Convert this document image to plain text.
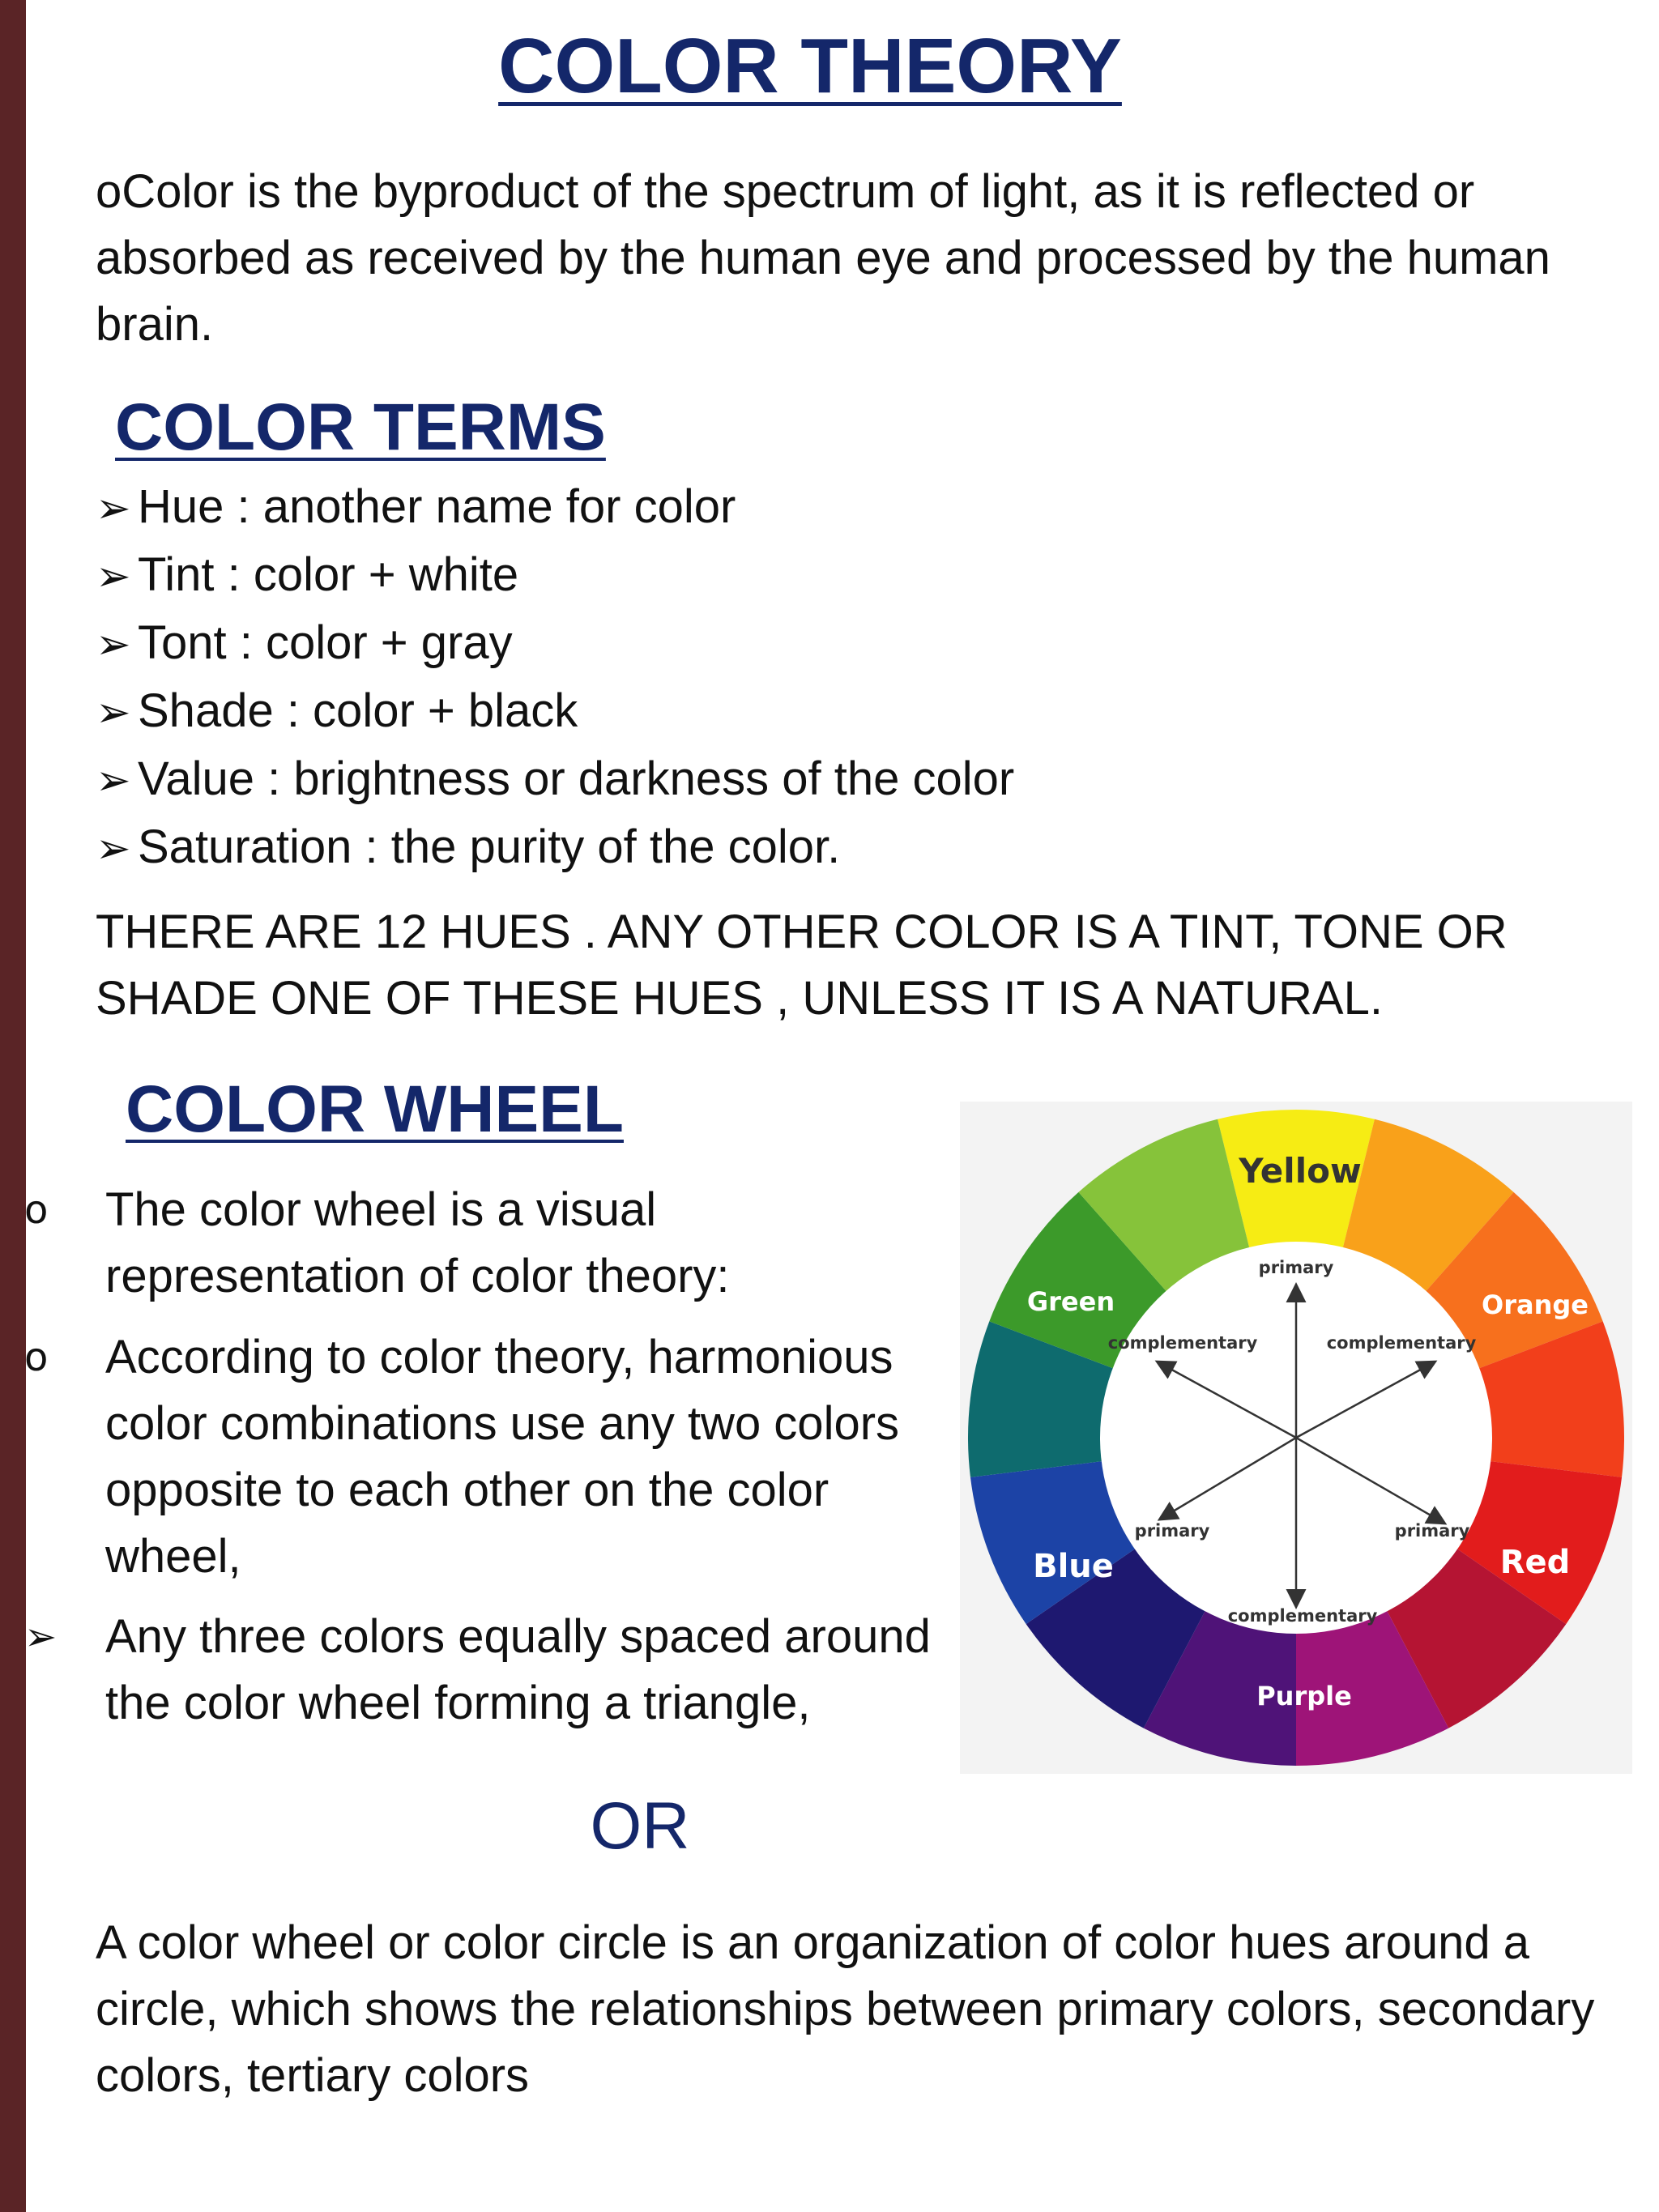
COLOR THEORY

oColor is the byproduct of the spectrum of light, as it is reflected or absorbed as received by the human eye and processed by the human brain.

COLOR TERMS
➢ Hue : another name for color
➢ Tint : color + white
➢ Tont : color + gray
➢ Shade : color + black
➢ Value : brightness or darkness of the color
➢ Saturation : the purity of the color.

THERE ARE 12 HUES . ANY OTHER COLOR IS A TINT, TONE OR SHADE ONE OF THESE HUES , UNLESS IT IS A NATURAL.

COLOR WHEEL
o The color wheel is a visual representation of color theory:
o According to color theory, harmonious color combinations use any two colors opposite to each other on the color wheel,
➢ Any three colors equally spaced around the color wheel forming a triangle,
OR

A color wheel or color circle is an organization of color hues around a circle, which shows the relationships between primary colors, secondary colors, tertiary colors

primary
complementary	complementary
primary	primary
complementary
Yellow
Orange
Red
Purple
Blue
Green
